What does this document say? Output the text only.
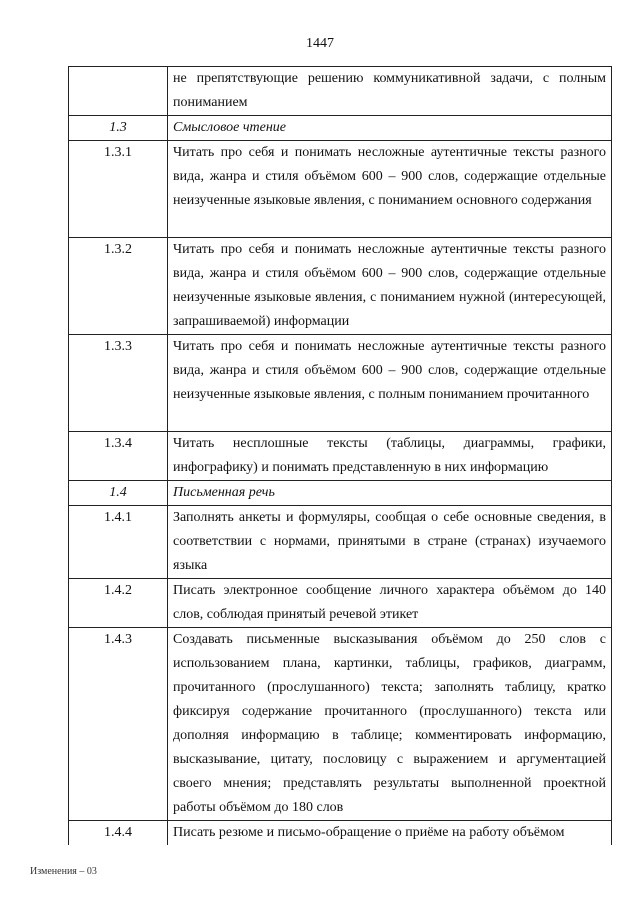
1447
	не препятствующие решению коммуникативной задачи, с полным пониманием
1.3	Смысловое чтение
1.3.1	Читать про себя и понимать несложные аутентичные тексты разного вида, жанра и стиля объёмом 600 – 900 слов, содержащие отдельные неизученные языковые явления, с пониманием основного содержания
1.3.2	Читать про себя и понимать несложные аутентичные тексты разного вида, жанра и стиля объёмом 600 – 900 слов, содержащие отдельные неизученные языковые явления, с пониманием нужной (интересующей, запрашиваемой) информации
1.3.3	Читать про себя и понимать несложные аутентичные тексты разного вида, жанра и стиля объёмом 600 – 900 слов, содержащие отдельные неизученные языковые явления, с полным пониманием прочитанного
1.3.4	Читать несплошные тексты (таблицы, диаграммы, графики, инфографику) и понимать представленную в них информацию
1.4	Письменная речь
1.4.1	Заполнять анкеты и формуляры, сообщая о себе основные сведения, в соответствии с нормами, принятыми в стране (странах) изучаемого языка
1.4.2	Писать электронное сообщение личного характера объёмом до 140 слов, соблюдая принятый речевой этикет
1.4.3	Создавать письменные высказывания объёмом до 250 слов с использованием плана, картинки, таблицы, графиков, диаграмм, прочитанного (прослушанного) текста; заполнять таблицу, кратко фиксируя содержание прочитанного (прослушанного) текста или дополняя информацию в таблице; комментировать информацию, высказывание, цитату, пословицу с выражением и аргументацией своего мнения; представлять результаты выполненной проектной работы объёмом до 180 слов
1.4.4	Писать резюме и письмо-обращение о приёме на работу объёмом
Изменения – 03
